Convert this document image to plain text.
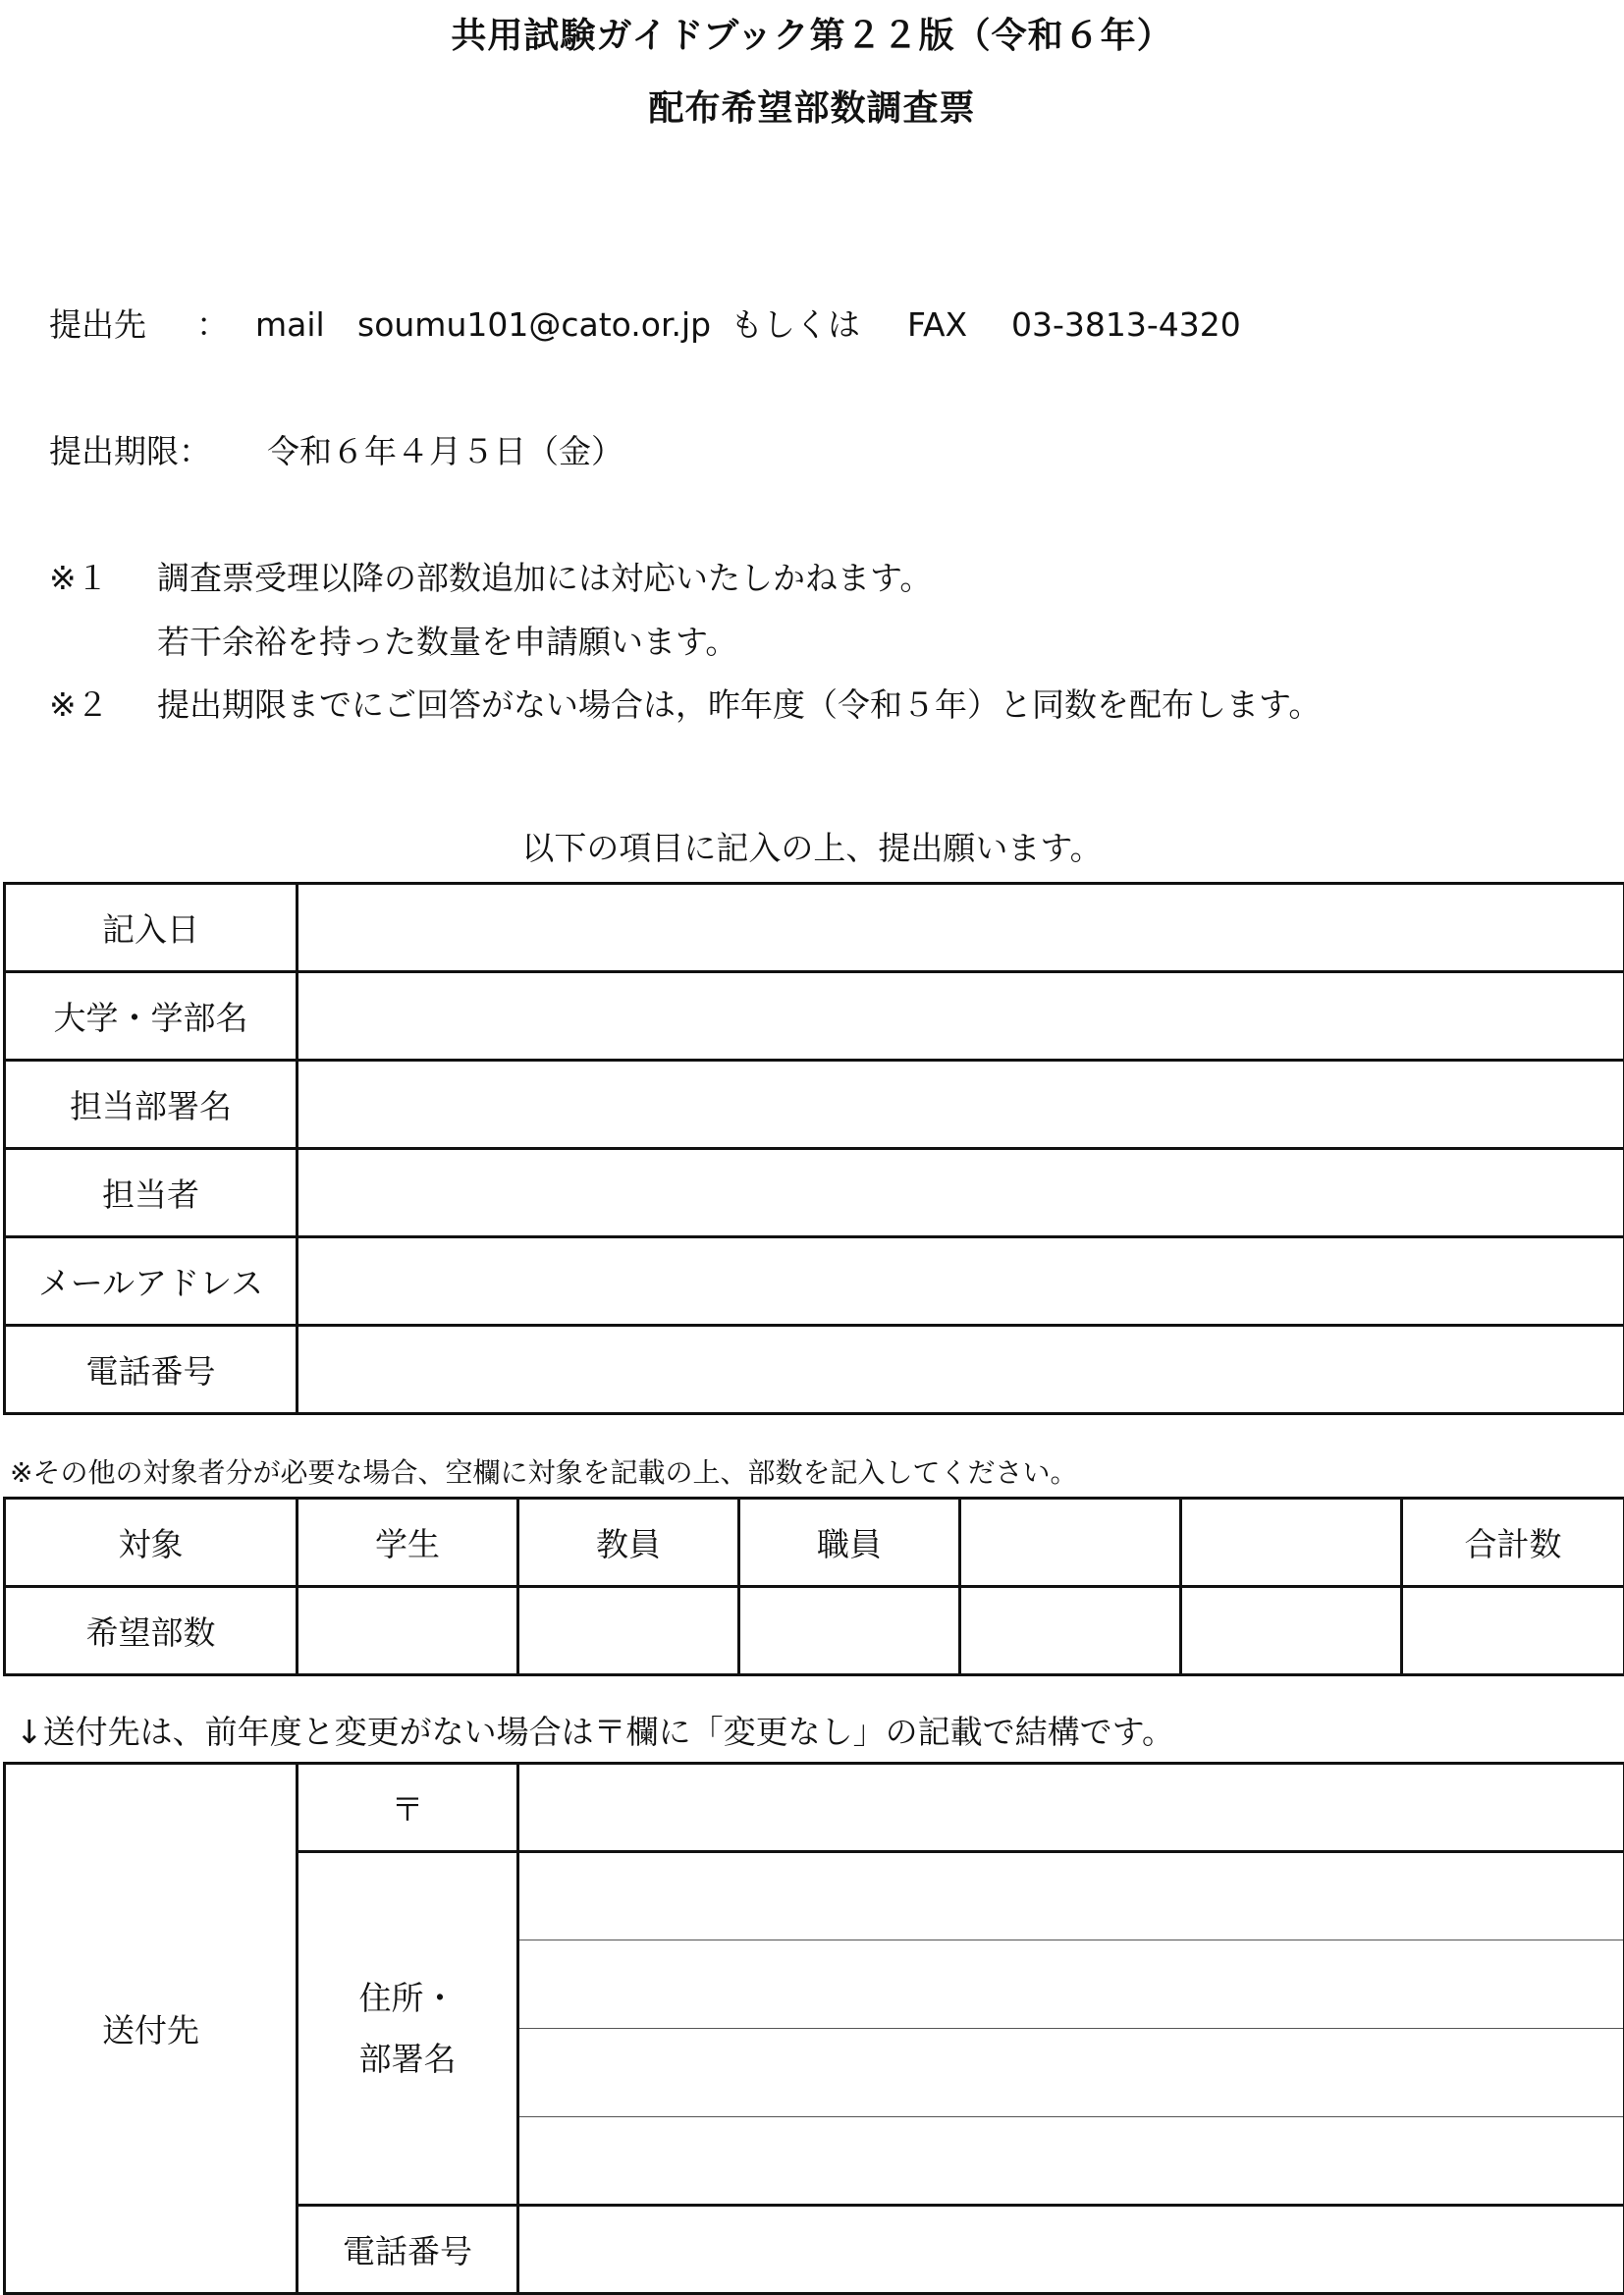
共用試験ガイドブック第２２版（令和６年）
配布希望部数調査票
提出先 ： mail soumu101@cato.or.jp もしくは FAX 03-3813-4320
提出期限： 令和６年４月５日（金）
※１ 調査票受理以降の部数追加には対応いたしかねます。
若干余裕を持った数量を申請願います。
※２ 提出期限までにご回答がない場合は，昨年度（令和５年）と同数を配布します。
以下の項目に記入の上、提出願います。
記入日	
大学・学部名	
担当部署名	
担当者	
メールアドレス	
電話番号	
※その他の対象者分が必要な場合、空欄に対象を記載の上、部数を記入してください。
対象	学生	教員	職員			合計数
希望部数						
↓送付先は、前年度と変更がない場合は〒欄に「変更なし」の記載で結構です。
送付先	〒	

	住所・
部署名	

	電話番号	
